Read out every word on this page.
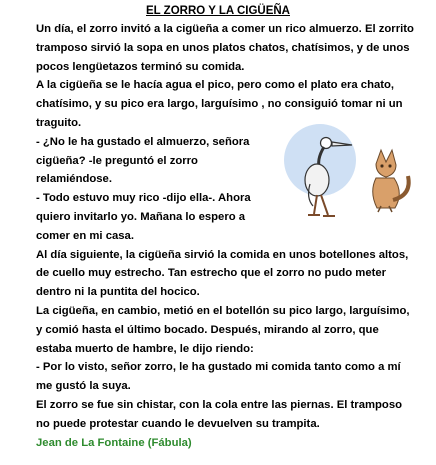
EL ZORRO Y LA CIGÜEÑA

Un día, el zorro invitó a la cigüeña a comer un rico almuerzo. El zorrito tramposo sirvió la sopa en unos platos chatos, chatísimos, y de unos pocos lengüetazos terminó su comida.

A la cigüeña se le hacía agua el pico, pero como el plato era chato, chatísimo, y su pico era largo, larguísimo , no consiguió tomar ni un traguito.

- ¿No le ha gustado el almuerzo, señora cigüeña? -le preguntó el zorro relamiéndose.

- Todo estuvo muy rico -dijo ella-. Ahora quiero invitarlo yo. Mañana lo espero a comer en mi casa.

Al día siguiente, la cigüeña sirvió la comida en unos botellones altos, de cuello muy estrecho. Tan estrecho que el zorro no pudo meter dentro ni la puntita del hocico.

La cigüeña, en cambio, metió en el botellón su pico largo, larguísimo, y comió hasta el último bocado. Después, mirando al zorro, que estaba muerto de hambre, le dijo riendo:

- Por lo visto, señor zorro, le ha gustado mi comida tanto como a mí me gustó la suya.

El zorro se fue sin chistar, con la cola entre las piernas. El tramposo no puede protestar cuando le devuelven su trampita.

Jean de La Fontaine (Fábula)
